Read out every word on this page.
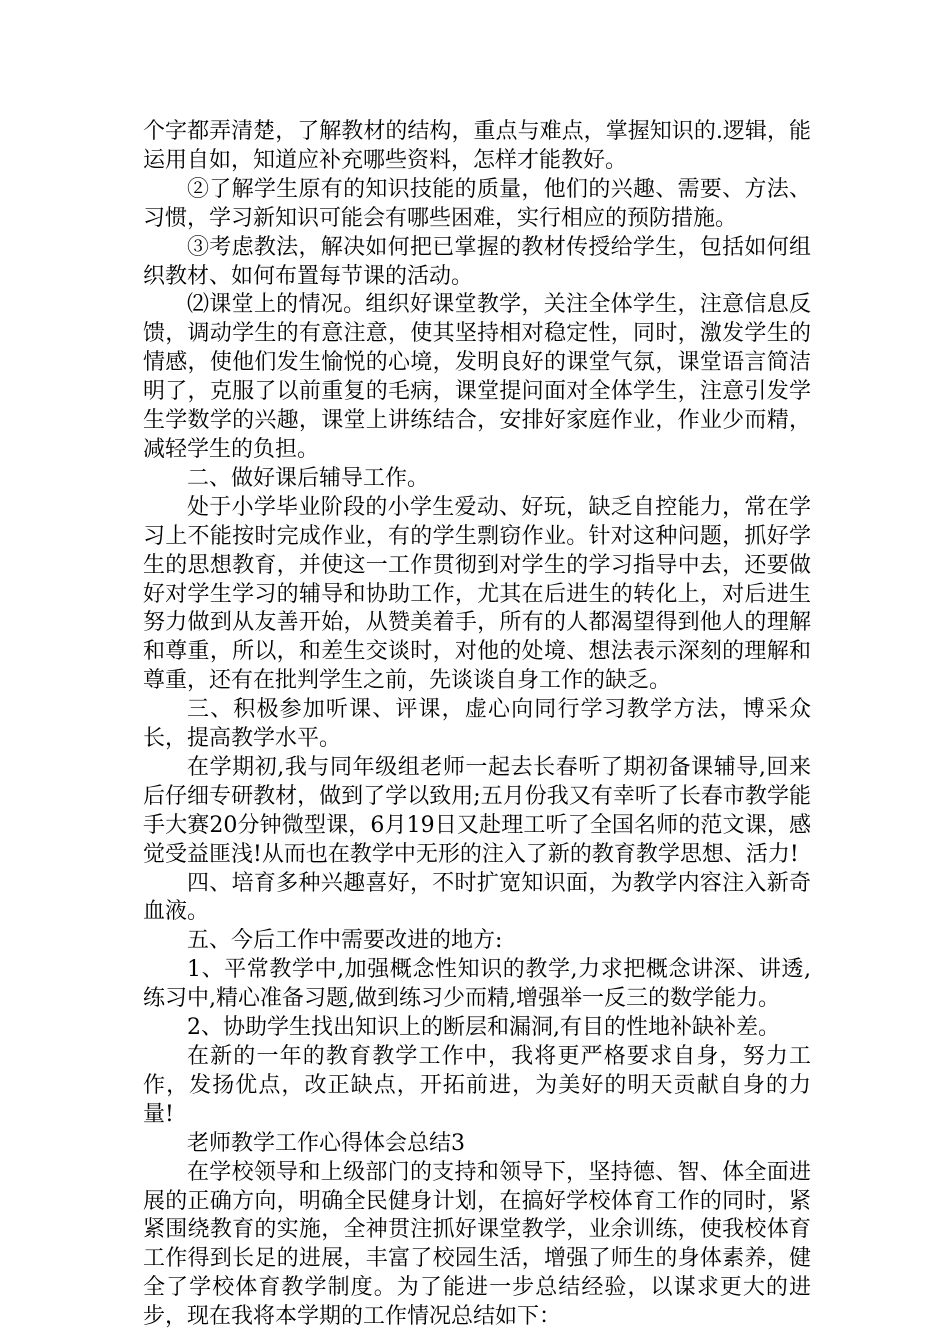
个字都弄清楚，了解教材的结构，重点与难点，掌握知识的.逻辑，能运用自如，知道应补充哪些资料，怎样才能教好。

②了解学生原有的知识技能的质量，他们的兴趣、需要、方法、习惯，学习新知识可能会有哪些困难，实行相应的预防措施。

③考虑教法，解决如何把已掌握的教材传授给学生，包括如何组织教材、如何布置每节课的活动。

⑵课堂上的情况。组织好课堂教学，关注全体学生，注意信息反馈，调动学生的有意注意，使其坚持相对稳定性，同时，激发学生的情感，使他们发生愉悦的心境，发明良好的课堂气氛，课堂语言简洁明了，克服了以前重复的毛病，课堂提问面对全体学生，注意引发学生学数学的兴趣，课堂上讲练结合，安排好家庭作业，作业少而精，减轻学生的负担。

二、做好课后辅导工作。

处于小学毕业阶段的小学生爱动、好玩，缺乏自控能力，常在学习上不能按时完成作业，有的学生剽窃作业。针对这种问题，抓好学生的思想教育，并使这一工作贯彻到对学生的学习指导中去，还要做好对学生学习的辅导和协助工作，尤其在后进生的转化上，对后进生努力做到从友善开始，从赞美着手，所有的人都渴望得到他人的理解和尊重，所以，和差生交谈时，对他的处境、想法表示深刻的理解和尊重，还有在批判学生之前，先谈谈自身工作的缺乏。

三、积极参加听课、评课，虚心向同行学习教学方法，博采众长，提高教学水平。

在学期初,我与同年级组老师一起去长春听了期初备课辅导,回来后仔细专研教材，做到了学以致用;五月份我又有幸听了长春市教学能手大赛20分钟微型课，6月19日又赴理工听了全国名师的范文课，感觉受益匪浅!从而也在教学中无形的注入了新的教育教学思想、活力!

四、培育多种兴趣喜好，不时扩宽知识面，为教学内容注入新奇血液。

五、今后工作中需要改进的地方:

1、平常教学中,加强概念性知识的教学,力求把概念讲深、讲透,练习中,精心准备习题,做到练习少而精,增强举一反三的数学能力。

2、协助学生找出知识上的断层和漏洞,有目的性地补缺补差。

在新的一年的教育教学工作中，我将更严格要求自身，努力工作，发扬优点，改正缺点，开拓前进，为美好的明天贡献自身的力量!

老师教学工作心得体会总结3

在学校领导和上级部门的支持和领导下，坚持德、智、体全面进展的正确方向，明确全民健身计划，在搞好学校体育工作的同时，紧紧围绕教育的实施，全神贯注抓好课堂教学，业余训练，使我校体育工作得到长足的进展，丰富了校园生活，增强了师生的身体素养，健全了学校体育教学制度。为了能进一步总结经验，以谋求更大的进步，现在我将本学期的工作情况总结如下：
